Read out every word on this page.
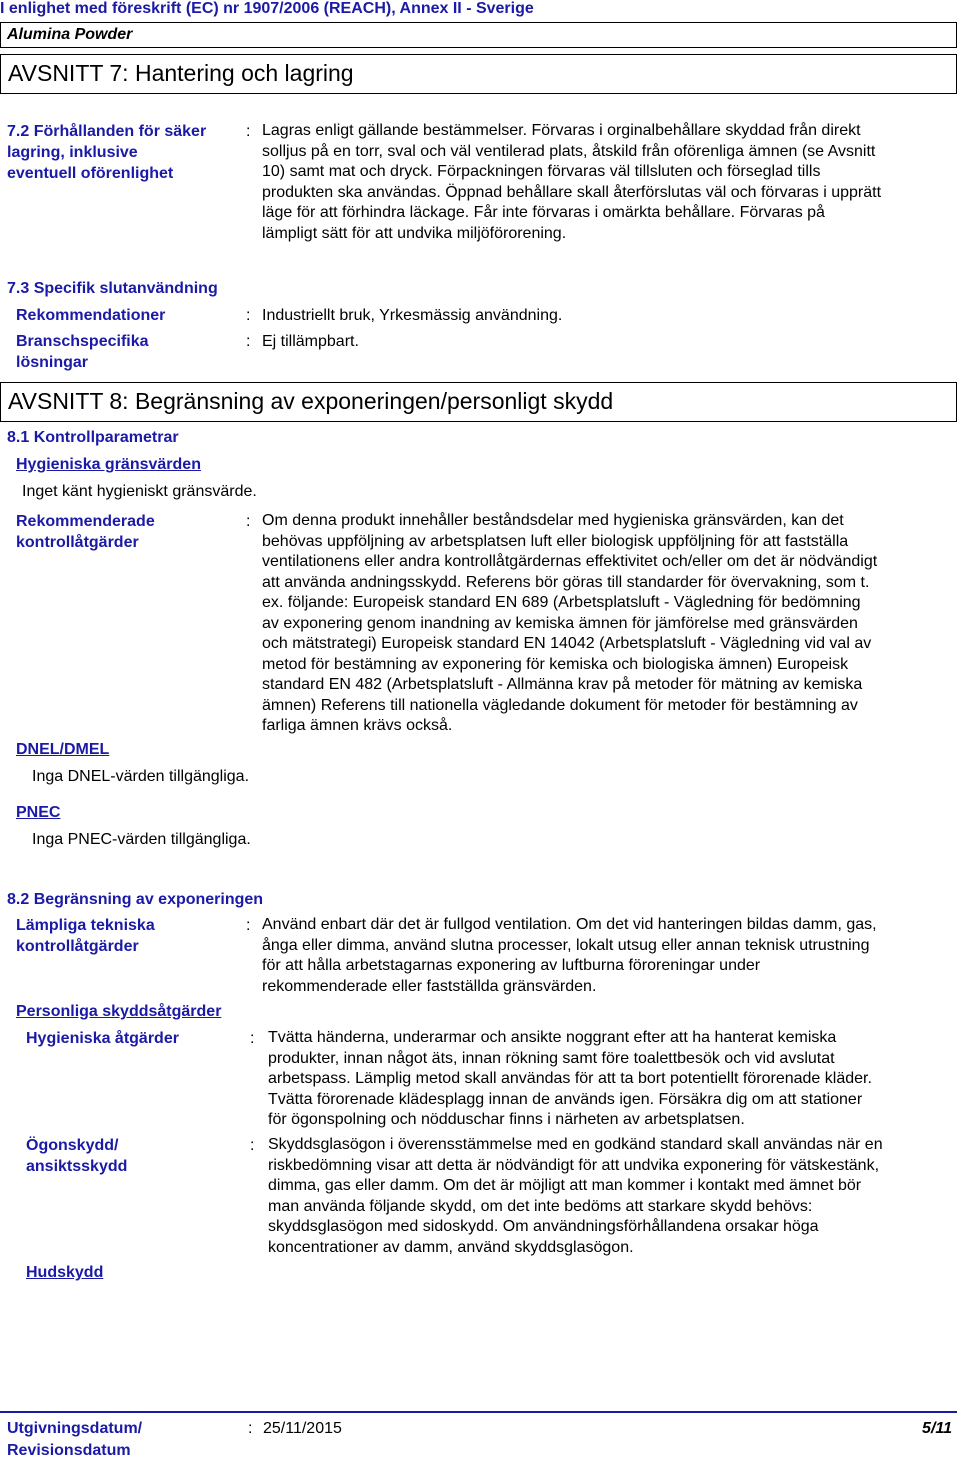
I enlighet med föreskrift (EC) nr 1907/2006 (REACH), Annex II - Sverige
Alumina Powder
AVSNITT 7: Hantering och lagring
7.2 Förhållanden för säker
lagring, inklusive
eventuell oförenlighet
: Lagras enligt gällande bestämmelser. Förvaras i orginalbehållare skyddad från direkt
solljus på en torr, sval och väl ventilerad plats, åtskild från oförenliga ämnen (se Avsnitt
10) samt mat och dryck. Förpackningen förvaras väl tillsluten och förseglad tills
produkten ska användas. Öppnad behållare skall återförslutas väl och förvaras i upprätt
läge för att förhindra läckage. Får inte förvaras i omärkta behållare. Förvaras på
lämpligt sätt för att undvika miljöförorening.
7.3 Specifik slutanvändning
Rekommendationer	: Industriellt bruk, Yrkesmässig användning.
Branschspecifika
lösningar
: Ej tillämpbart.
AVSNITT 8: Begränsning av exponeringen/personligt skydd
8.1 Kontrollparametrar
Hygieniska gränsvärden
Inget känt hygieniskt gränsvärde.
Rekommenderade
kontrollåtgärder
: Om denna produkt innehåller beståndsdelar med hygieniska gränsvärden, kan det
behövas uppföljning av arbetsplatsen luft eller biologisk uppföljning för att fastställa
ventilationens eller andra kontrollåtgärdernas effektivitet och/eller om det är nödvändigt
att använda andningsskydd. Referens bör göras till standarder för övervakning, som t.
ex. följande: Europeisk standard EN 689 (Arbetsplatsluft - Vägledning för bedömning
av exponering genom inandning av kemiska ämnen för jämförelse med gränsvärden
och mätstrategi) Europeisk standard EN 14042 (Arbetsplatsluft - Vägledning vid val av
metod för bestämning av exponering för kemiska och biologiska ämnen) Europeisk
standard EN 482 (Arbetsplatsluft - Allmänna krav på metoder för mätning av kemiska
ämnen) Referens till nationella vägledande dokument för metoder för bestämning av
farliga ämnen krävs också.
DNEL/DMEL
Inga DNEL-värden tillgängliga.
PNEC
Inga PNEC-värden tillgängliga.
8.2 Begränsning av exponeringen
Lämpliga tekniska
kontrollåtgärder
: Använd enbart där det är fullgod ventilation. Om det vid hanteringen bildas damm, gas,
ånga eller dimma, använd slutna processer, lokalt utsug eller annan teknisk utrustning
för att hålla arbetstagarnas exponering av luftburna föroreningar under
rekommenderade eller fastställda gränsvärden.
Personliga skyddsåtgärder
Hygieniska åtgärder	: Tvätta händerna, underarmar och ansikte noggrant efter att ha hanterat kemiska
produkter, innan något äts, innan rökning samt före toalettbesök och vid avslutat
arbetspass. Lämplig metod skall användas för att ta bort potentiellt förorenade kläder.
Tvätta förorenade klädesplagg innan de används igen. Försäkra dig om att stationer
för ögonspolning och nödduschar finns i närheten av arbetsplatsen.
Ögonskydd/
ansiktsskydd
: Skyddsglasögon i överensstämmelse med en godkänd standard skall användas när en
riskbedömning visar att detta är nödvändigt för att undvika exponering för vätskestänk,
dimma, gas eller damm. Om det är möjligt att man kommer i kontakt med ämnet bör
man använda följande skydd, om det inte bedöms att starkare skydd behövs:
skyddsglasögon med sidoskydd. Om användningsförhållandena orsakar höga
koncentrationer av damm, använd skyddsglasögon.
Hudskydd
Utgivningsdatum/
Revisionsdatum
: 25/11/2015	5/11
